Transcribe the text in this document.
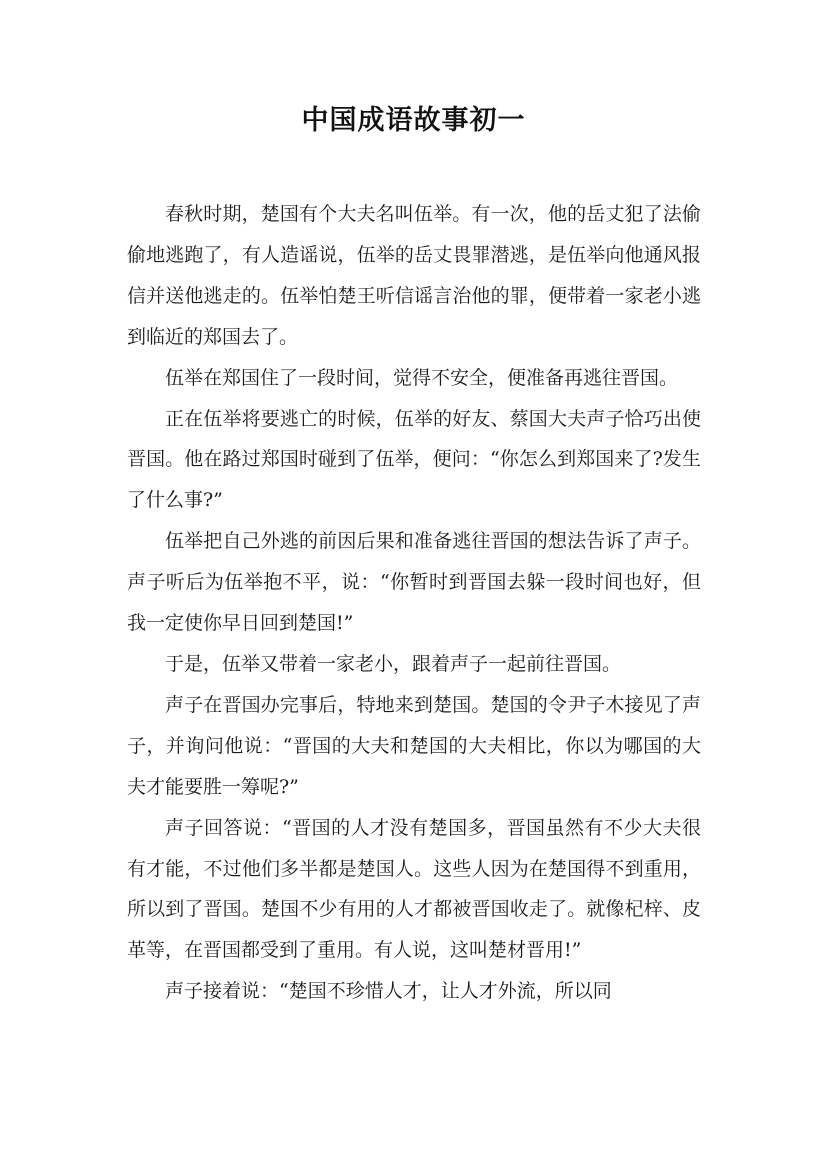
中国成语故事初一

春秋时期，楚国有个大夫名叫伍举。有一次，他的岳丈犯了法偷偷地逃跑了，有人造谣说，伍举的岳丈畏罪潜逃，是伍举向他通风报信并送他逃走的。伍举怕楚王听信谣言治他的罪，便带着一家老小逃到临近的郑国去了。

伍举在郑国住了一段时间，觉得不安全，便准备再逃往晋国。

正在伍举将要逃亡的时候，伍举的好友、蔡国大夫声子恰巧出使晋国。他在路过郑国时碰到了伍举，便问：“你怎么到郑国来了?发生了什么事?”

伍举把自己外逃的前因后果和准备逃往晋国的想法告诉了声子。声子听后为伍举抱不平，说：“你暂时到晋国去躲一段时间也好，但我一定使你早日回到楚国!”

于是，伍举又带着一家老小，跟着声子一起前往晋国。

声子在晋国办完事后，特地来到楚国。楚国的令尹子木接见了声子，并询问他说：“晋国的大夫和楚国的大夫相比，你以为哪国的大夫才能要胜一筹呢?”

声子回答说：“晋国的人才没有楚国多，晋国虽然有不少大夫很有才能，不过他们多半都是楚国人。这些人因为在楚国得不到重用，所以到了晋国。楚国不少有用的人才都被晋国收走了。就像杞梓、皮革等，在晋国都受到了重用。有人说，这叫楚材晋用!”

声子接着说：“楚国不珍惜人才，让人才外流，所以同
